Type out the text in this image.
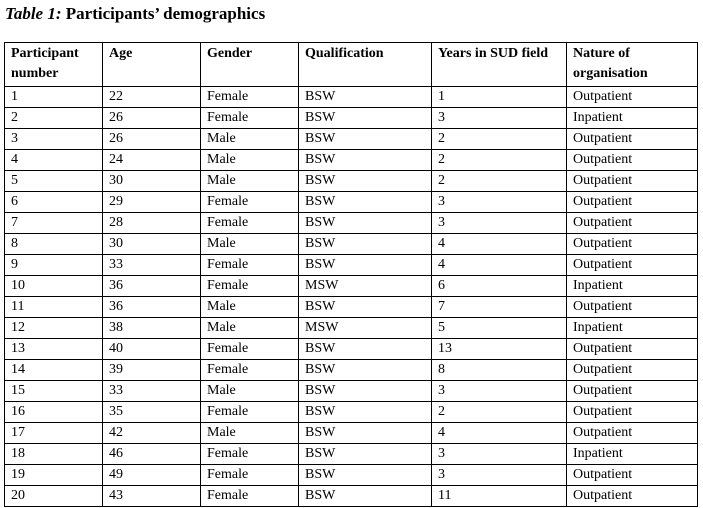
Table 1: Participants’ demographics
Participant number	Age	Gender	Qualification	Years in SUD field	Nature of organisation
1	22	Female	BSW	1	Outpatient
2	26	Female	BSW	3	Inpatient
3	26	Male	BSW	2	Outpatient
4	24	Male	BSW	2	Outpatient
5	30	Male	BSW	2	Outpatient
6	29	Female	BSW	3	Outpatient
7	28	Female	BSW	3	Outpatient
8	30	Male	BSW	4	Outpatient
9	33	Female	BSW	4	Outpatient
10	36	Female	MSW	6	Inpatient
11	36	Male	BSW	7	Outpatient
12	38	Male	MSW	5	Inpatient
13	40	Female	BSW	13	Outpatient
14	39	Female	BSW	8	Outpatient
15	33	Male	BSW	3	Outpatient
16	35	Female	BSW	2	Outpatient
17	42	Male	BSW	4	Outpatient
18	46	Female	BSW	3	Inpatient
19	49	Female	BSW	3	Outpatient
20	43	Female	BSW	11	Outpatient
